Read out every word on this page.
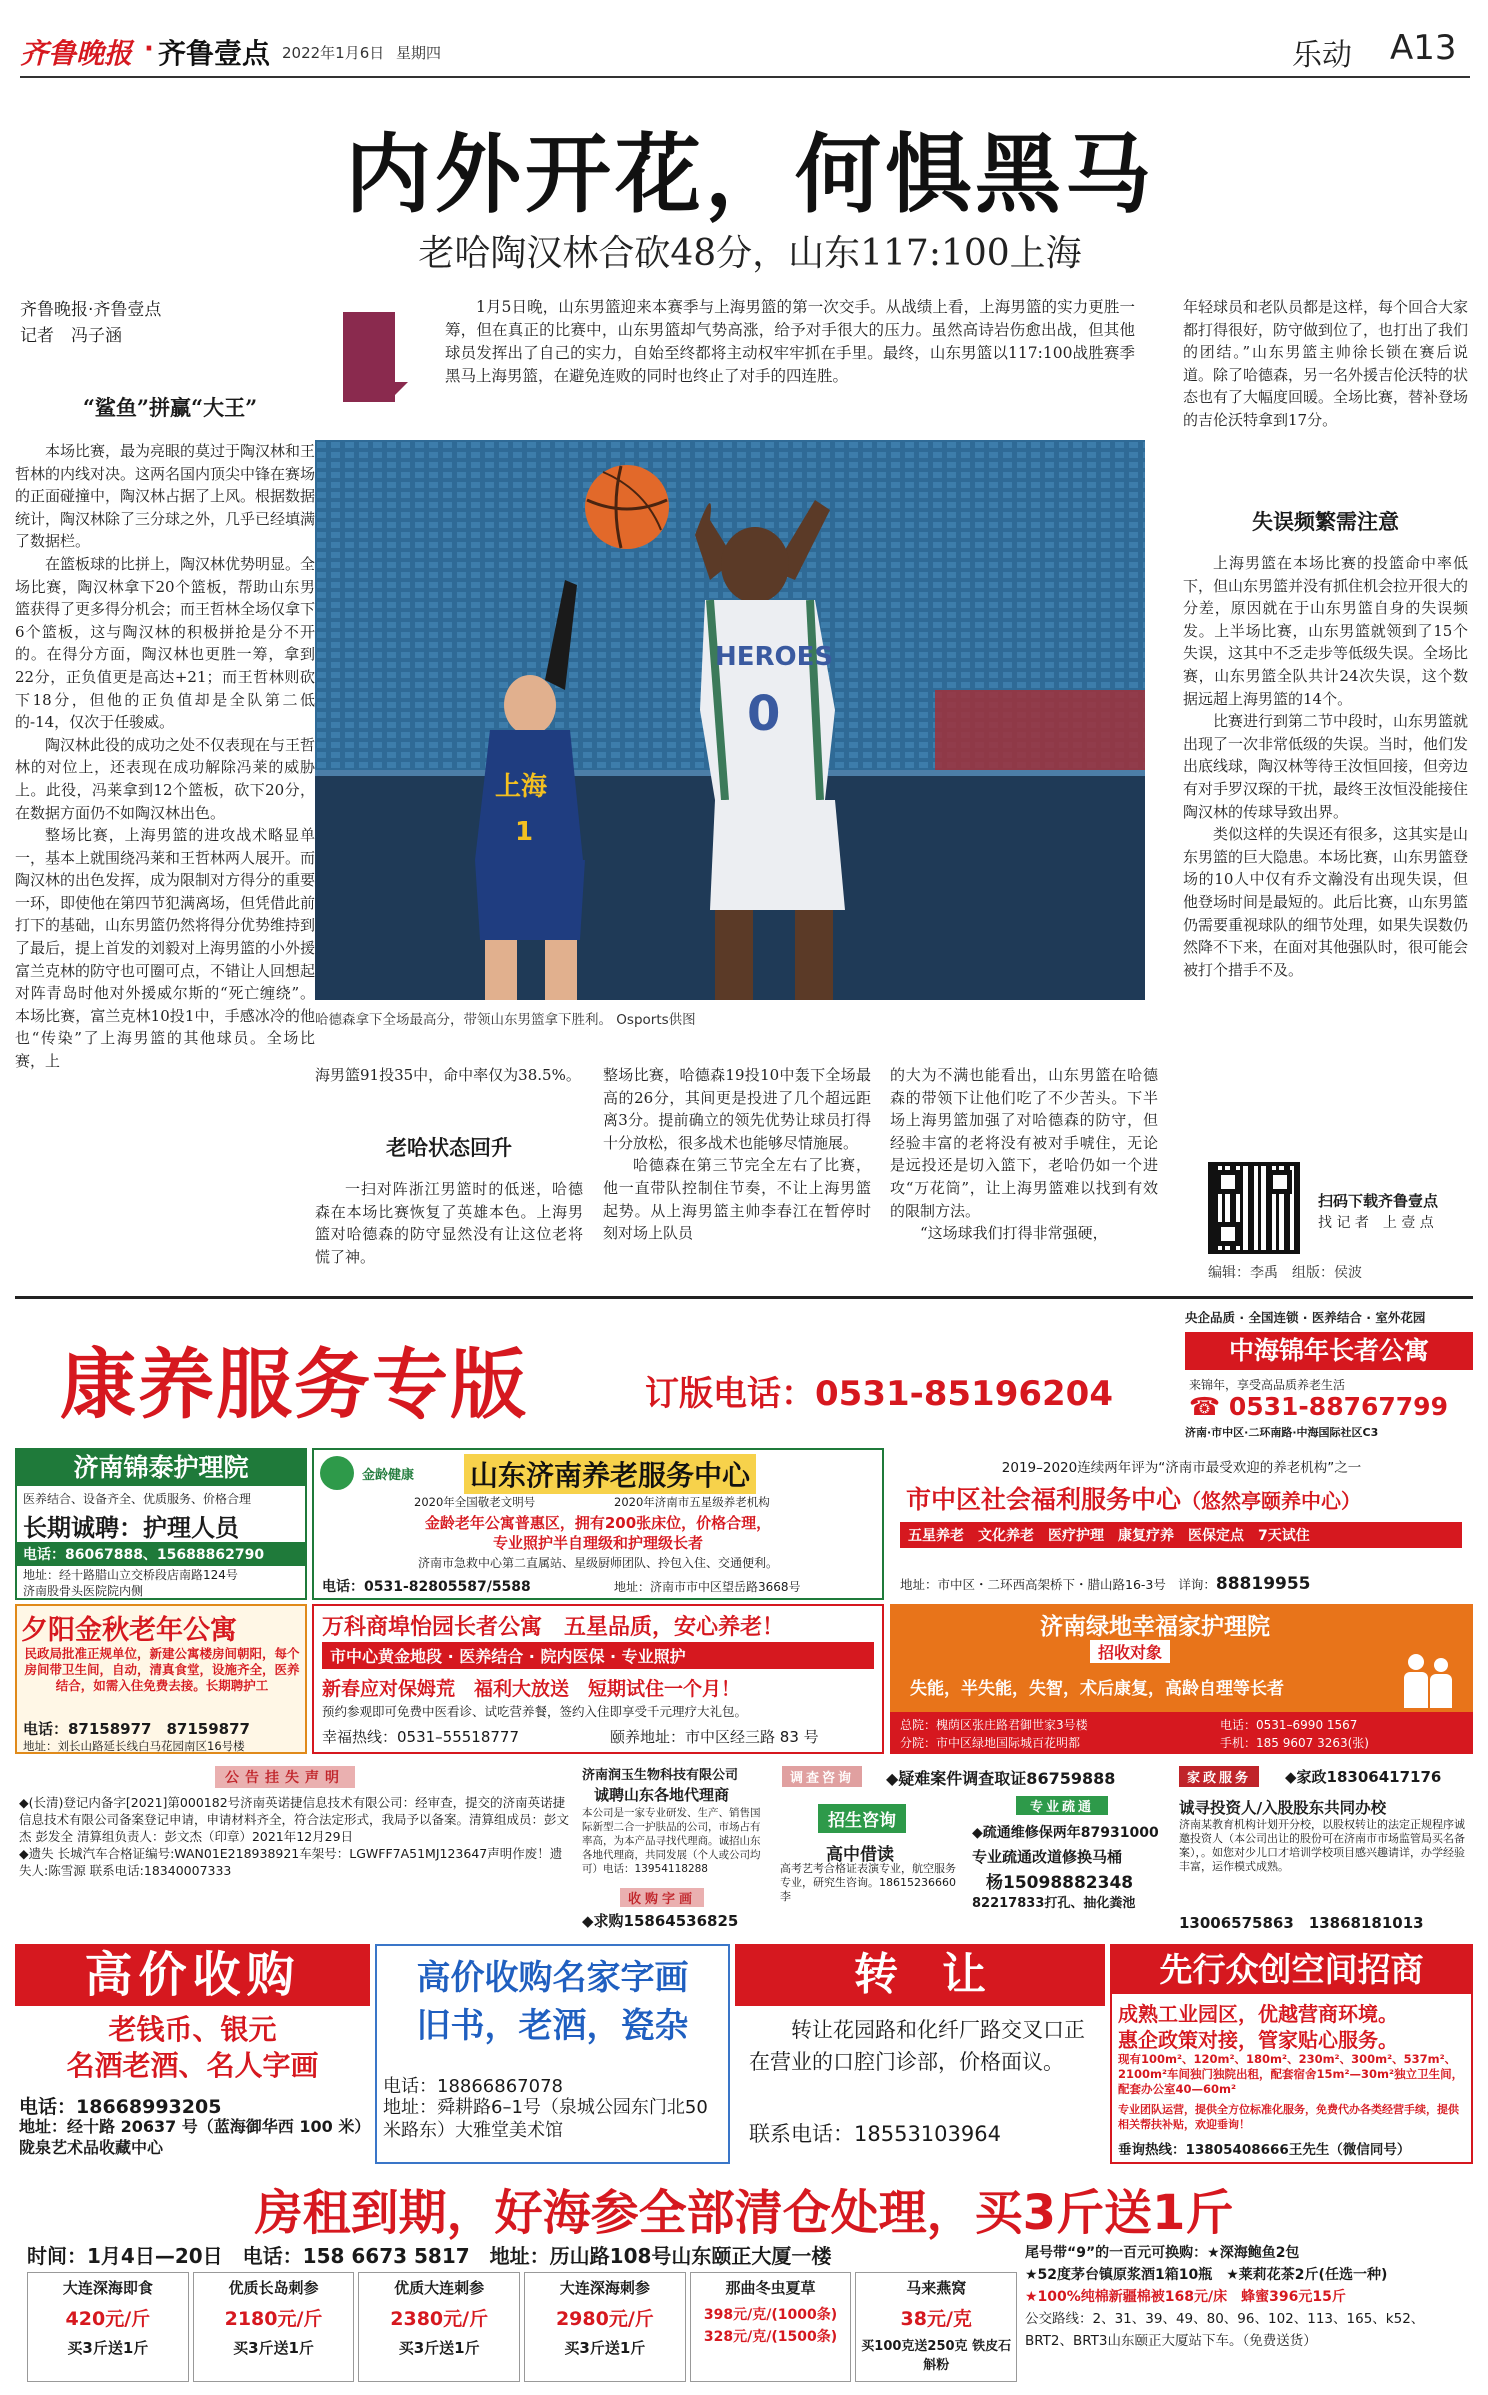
齐鲁晚报 · 齐鲁壹点 2022年1月6日 星期四	乐动 A13
内外开花，何惧黑马
老哈陶汉林合砍48分，山东117:100上海
齐鲁晚报·齐鲁壹点
记者　冯子涵
1月5日晚，山东男篮迎来本赛季与上海男篮的第一次交手。从战绩上看，上海男篮的实力更胜一筹，但在真正的比赛中，山东男篮却气势高涨，给予对手很大的压力。虽然高诗岩伤愈出战，但其他球员发挥出了自己的实力，自始至终都将主动权牢牢抓在手里。最终，山东男篮以117:100战胜赛季黑马上海男篮，在避免连败的同时也终止了对手的四连胜。
“鲨鱼”拼赢“大王”

本场比赛，最为亮眼的莫过于陶汉林和王哲林的内线对决。这两名国内顶尖中锋在赛场的正面碰撞中，陶汉林占据了上风。根据数据统计，陶汉林除了三分球之外，几乎已经填满了数据栏。

在篮板球的比拼上，陶汉林优势明显。全场比赛，陶汉林拿下20个篮板，帮助山东男篮获得了更多得分机会；而王哲林全场仅拿下6个篮板，这与陶汉林的积极拼抢是分不开的。在得分方面，陶汉林也更胜一筹，拿到22分，正负值更是高达+21；而王哲林则砍下18分，但他的正负值却是全队第二低的-14，仅次于任骏威。

陶汉林此役的成功之处不仅表现在与王哲林的对位上，还表现在成功解除冯莱的威胁上。此役，冯莱拿到12个篮板，砍下20分，在数据方面仍不如陶汉林出色。

整场比赛，上海男篮的进攻战术略显单一，基本上就围绕冯莱和王哲林两人展开。而陶汉林的出色发挥，成为限制对方得分的重要一环，即使他在第四节犯满离场，但凭借此前打下的基础，山东男篮仍然将得分优势维持到了最后，提上首发的刘毅对上海男篮的小外援富兰克林的防守也可圈可点，不错让人回想起对阵青岛时他对外援威尔斯的“死亡缠绕”。本场比赛，富兰克林10投1中，手感冰冷的他也“传染”了上海男篮的其他球员。全场比赛，上

HEROES
0
上海
1
哈德森拿下全场最高分，带领山东男篮拿下胜利。 Osports供图

海男篮91投35中，命中率仅为38.5%。

老哈状态回升

一扫对阵浙江男篮时的低迷，哈德森在本场比赛恢复了英雄本色。上海男篮对哈德森的防守显然没有让这位老将慌了神。

整场比赛，哈德森19投10中轰下全场最高的26分，其间更是投进了几个超远距离3分。提前确立的领先优势让球员打得十分放松，很多战术也能够尽情施展。

哈德森在第三节完全左右了比赛，他一直带队控制住节奏，不让上海男篮起势。从上海男篮主帅李春江在暂停时刻对场上队员

的大为不满也能看出，山东男篮在哈德森的带领下让他们吃了不少苦头。下半场上海男篮加强了对哈德森的防守，但经验丰富的老将没有被对手唬住，无论是远投还是切入篮下，老哈仍如一个进攻“万花筒”，让上海男篮难以找到有效的限制方法。

“这场球我们打得非常强硬，

年轻球员和老队员都是这样，每个回合大家都打得很好，防守做到位了，也打出了我们的团结。”山东男篮主帅徐长锁在赛后说道。除了哈德森，另一名外援吉伦沃特的状态也有了大幅度回暖。全场比赛，替补登场的吉伦沃特拿到17分。

失误频繁需注意

上海男篮在本场比赛的投篮命中率低下，但山东男篮并没有抓住机会拉开很大的分差，原因就在于山东男篮自身的失误频发。上半场比赛，山东男篮就领到了15个失误，这其中不乏走步等低级失误。全场比赛，山东男篮全队共计24次失误，这个数据远超上海男篮的14个。

比赛进行到第二节中段时，山东男篮就出现了一次非常低级的失误。当时，他们发出底线球，陶汉林等待王汝恒回接，但旁边有对手罗汉琛的干扰，最终王汝恒没能接住陶汉林的传球导致出界。

类似这样的失误还有很多，这其实是山东男篮的巨大隐患。本场比赛，山东男篮登场的10人中仅有乔文瀚没有出现失误，但他登场时间是最短的。此后比赛，山东男篮仍需要重视球队的细节处理，如果失误数仍然降不下来，在面对其他强队时，很可能会被打个措手不及。

扫码下载齐鲁壹点
找 记 者　上 壹 点
编辑：李禹　组版：侯波
康养服务专版	订版电话：0531-85196204
央企品质 · 全国连锁 · 医养结合 · 室外花园
中海锦年长者公寓
来锦年，享受高品质养老生活
☎ 0531-88767799
济南·市中区·二环南路·中海国际社区C3
济南锦泰护理院
医养结合、设备齐全、优质服务、价格合理
长期诚聘：护理人员
电话：86067888、15688862790
地址：经十路腊山立交桥段店南路124号
济南股骨头医院院内侧
金龄健康 山东济南养老服务中心
2020年全国敬老文明号	2020年济南市五星级养老机构
金龄老年公寓普惠区，拥有200张床位，价格合理，
专业照护半自理级和护理级长者
济南市急救中心第二直属站、星级厨师团队、拎包入住、交通便利。
电话：0531-82805587/5588	地址：济南市市中区望岳路3668号
2019–2020连续两年评为“济南市最受欢迎的养老机构”之一
市中区社会福利服务中心（悠然亭颐养中心）
五星养老　文化养老　医疗护理　康复疗养　医保定点　7天试住
地址：市中区・二环西高架桥下・腊山路16-3号　详询：88819955
夕阳金秋老年公寓
民政局批准正规单位，新建公寓楼房间朝阳，每个房间带卫生间，自动，清真食堂，设施齐全，医养结合，如需入住免费去接。长期聘护工
电话：87158977　87159877
地址：刘长山路延长线白马花园南区16号楼
万科商埠怡园长者公寓　五星品质，安心养老！
市中心黄金地段 · 医养结合 · 院内医保 · 专业照护
新春应对保姆荒　福利大放送　短期试住一个月！
预约参观即可免费中医看诊、试吃营养餐，签约入住即享受千元理疗大礼包。
幸福热线：0531–55518777	颐养地址：市中区经三路 83 号
济南绿地幸福家护理院
招收对象
失能，半失能，失智，术后康复，高龄自理等长者
总院：槐荫区张庄路君御世家3号楼	电话：0531–6990 1567
分院：市中区绿地国际城百花明都	手机：185 9607 3263(张)
公告挂失声明
◆(长清)登记内备字[2021]第000182号济南英诺捷信息技术有限公司：经审查，提交的济南英诺捷信息技术有限公司备案登记申请，申请材料齐全，符合法定形式，我局予以备案。清算组成员：彭文杰 彭发全 清算组负责人：彭文杰（印章）2021年12月29日
◆遗失 长城汽车合格证编号:WAN01E218938921车架号：LGWFF7A51MJ123647声明作废！遗失人:陈雪源 联系电话:18340007333
济南润玉生物科技有限公司
诚聘山东各地代理商
本公司是一家专业研发、生产、销售国际新型二合一护肤品的公司，市场占有率高，为本产品寻找代理商。诚招山东各地代理商，共同发展（个人或公司均可）电话：13954118288
收购字画
◆求购15864536825
调查咨询	◆疑难案件调查取证86759888
招生咨询
高中借读
高考艺考合格证表演专业，航空服务专业，研究生咨询。18615236660李
专业疏通
◆疏通维修保两年87931000
专业疏通改道修换马桶
杨15098882348
82217833打孔、抽化粪池
家政服务	◆家政18306417176
诚寻投资人/入股股东共同办校
济南某教育机构计划开分校，以股权转让的法定正规程序诚邀投资人（本公司出让的股份可在济南市市场监管局买名备案），。如您对少儿口才培训学校项目感兴趣请详，办学经验丰富，运作模式成熟。
13006575863　13868181013
高价收购
老钱币、银元
名酒老酒、名人字画
电话：18668993205
地址：经十路 20637 号（蓝海御华西 100 米）陇泉艺术品收藏中心
高价收购名家字画
旧书，老酒，瓷杂
电话：18866867078
地址：舜耕路6–1号（泉城公园东门北50米路东）大雅堂美术馆
转　让
转让花园路和化纤厂路交叉口正在营业的口腔门诊部，价格面议。
联系电话：18553103964
先行众创空间招商
成熟工业园区，优越营商环境。
惠企政策对接，管家贴心服务。
现有100m²、120m²、180m²、230m²、300m²、537m²、2100m²车间独门独院出租，配套宿舍15m²—30m²独立卫生间，配套办公室40—60m²
专业团队运营，提供全方位标准化服务，免费代办各类经营手续，提供相关帮扶补贴，欢迎垂询！
垂询热线：13805408666王先生（微信同号）
房租到期，好海参全部清仓处理，买3斤送1斤
时间：1月4日—20日　电话：158 6673 5817　地址：历山路108号山东颐正大厦一楼
大连深海即食
420元/斤
买3斤送1斤
优质长岛刺参
2180元/斤
买3斤送1斤
优质大连刺参
2380元/斤
买3斤送1斤
大连深海刺参
2980元/斤
买3斤送1斤
那曲冬虫夏草
398元/克/(1000条)　328元/克/(1500条)
马来燕窝
38元/克
买100克送250克 铁皮石斛粉
尾号带“9”的一百元可换购：★深海鲍鱼2包
★52度茅台镇原浆酒1箱10瓶　★莱莉花茶2斤(任选一种)
★100%纯棉新疆棉被168元/床　蜂蜜396元15斤
公交路线：2、31、39、49、80、96、102、113、165、k52、BRT2、BRT3山东颐正大厦站下车。（免费送货）
